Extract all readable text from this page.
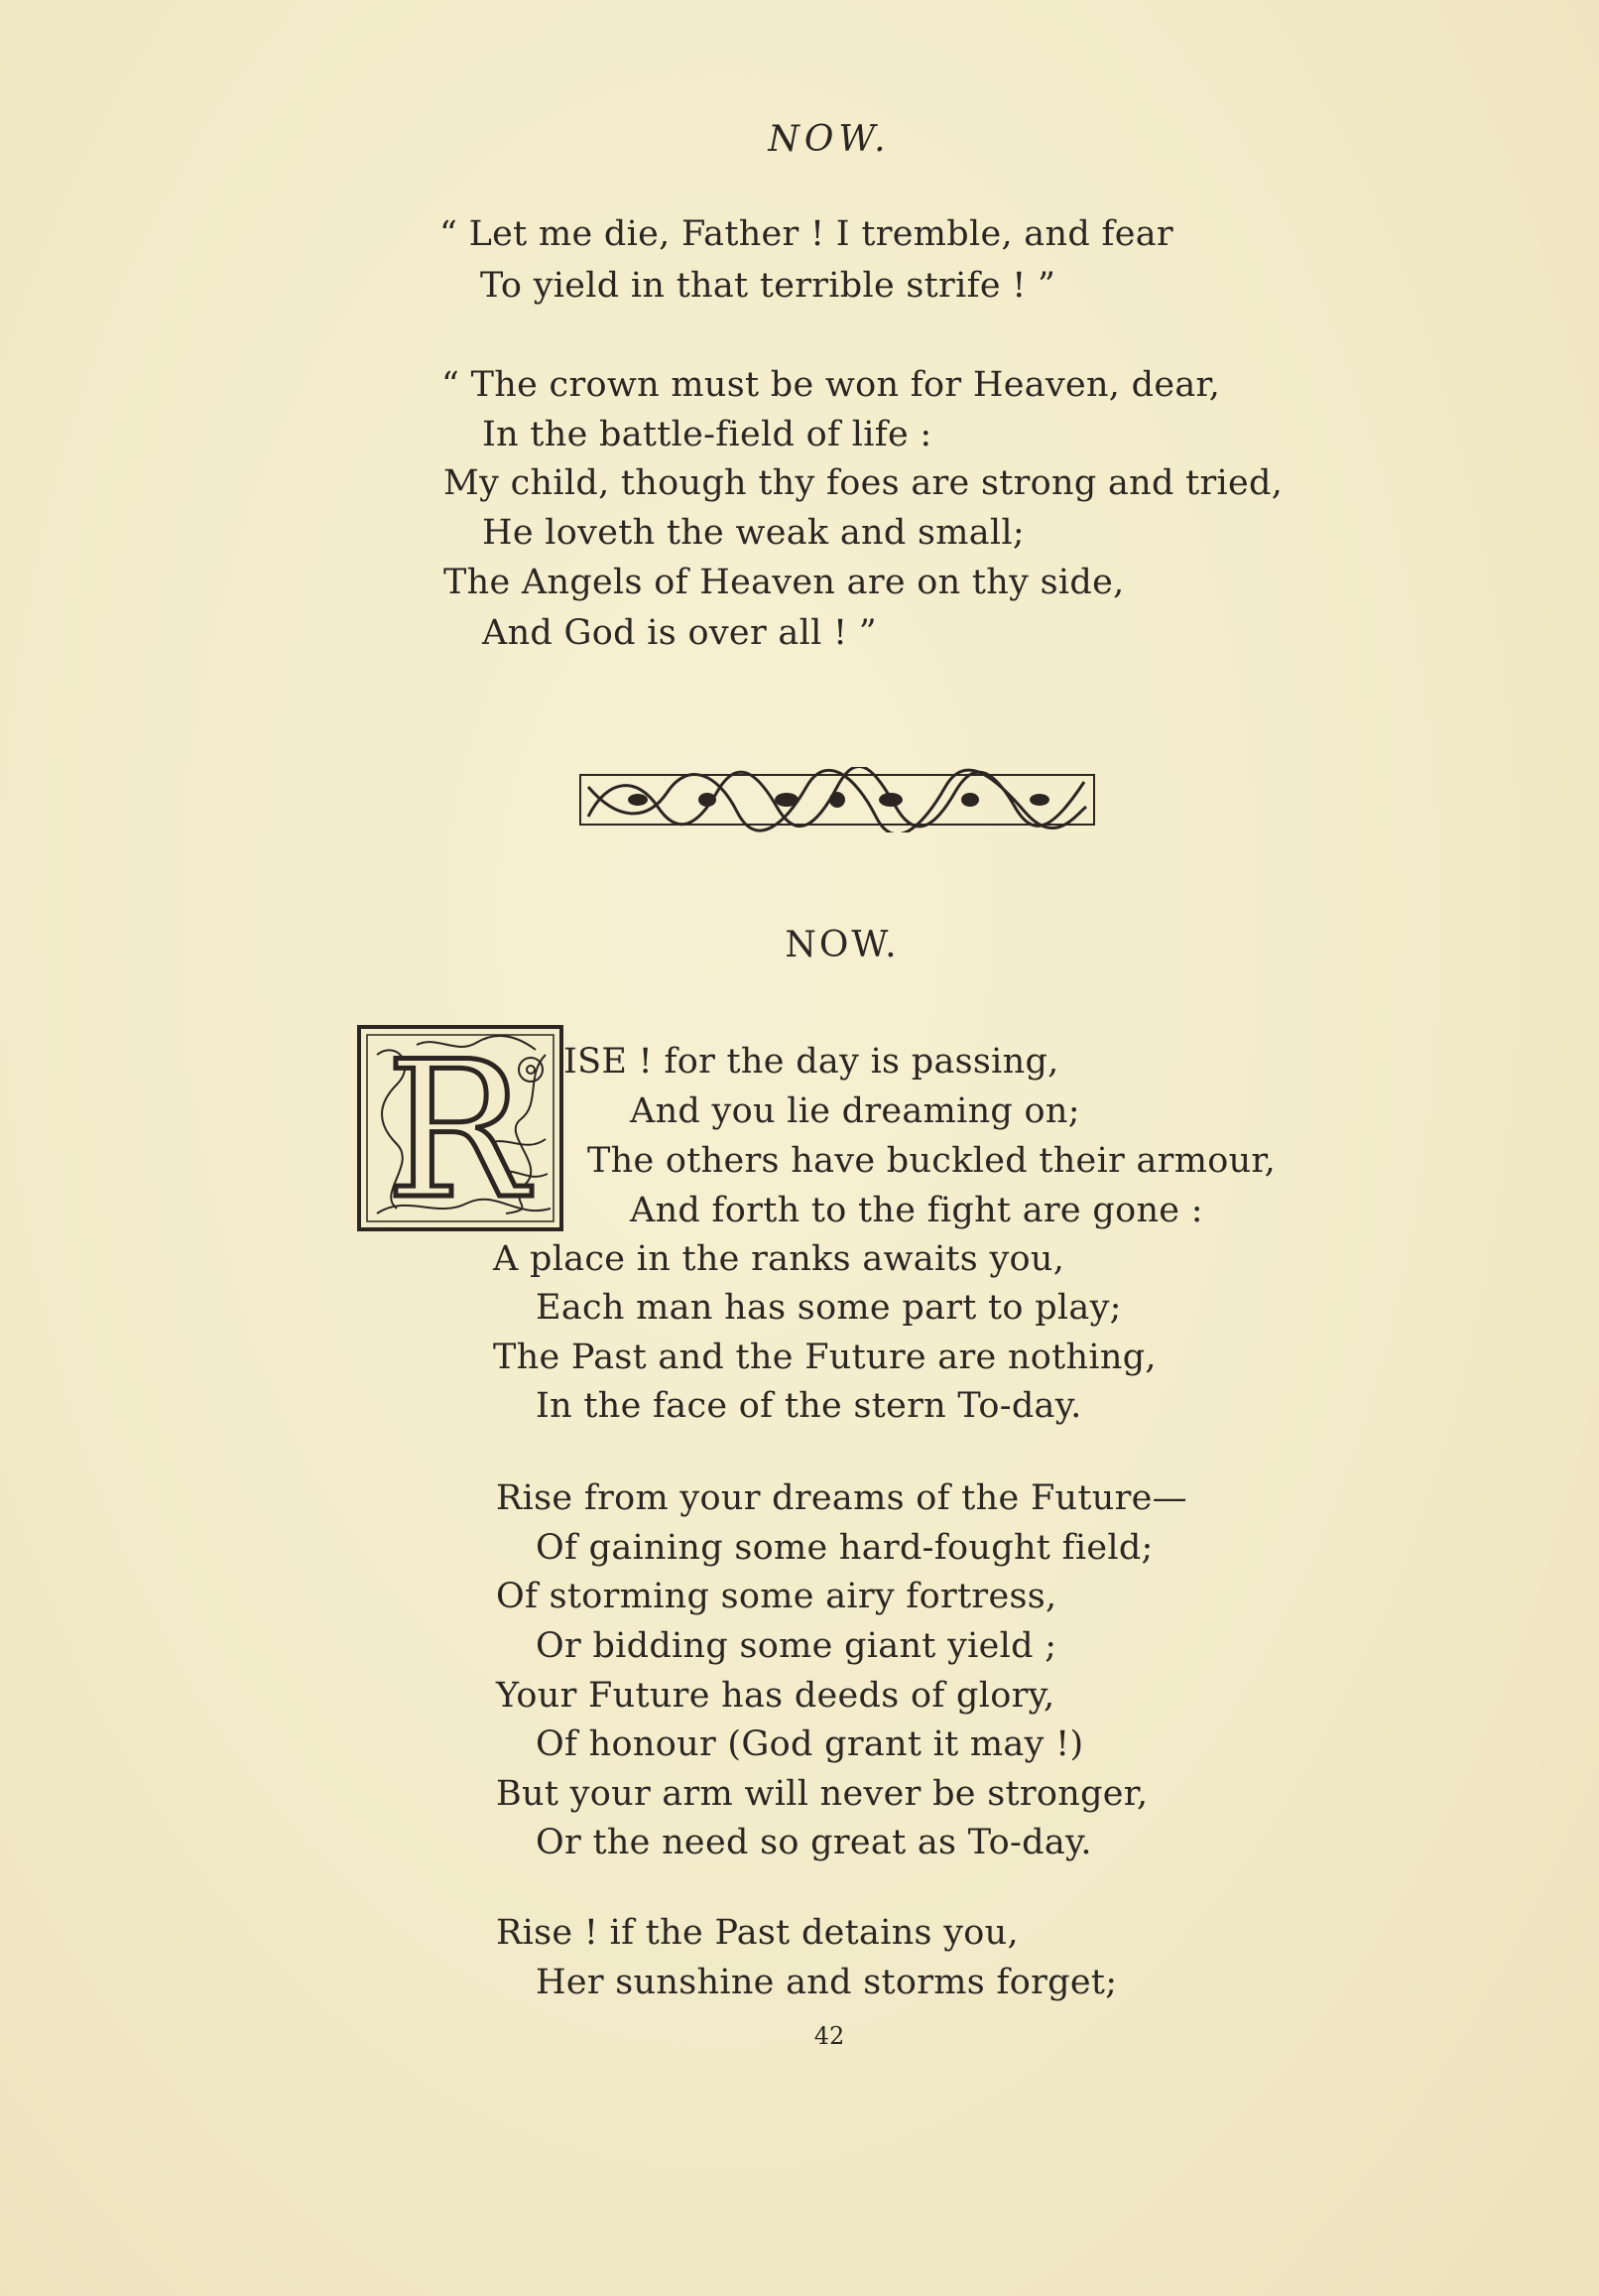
NOW.
“ Let me die, Father ! I tremble, and fear
To yield in that terrible strife ! ”
“ The crown must be won for Heaven, dear,
In the battle-field of life :
My child, though thy foes are strong and tried,
He loveth the weak and small;
The Angels of Heaven are on thy side,
And God is over all ! ”
NOW.
R ISE ! for the day is passing,
And you lie dreaming on;
The others have buckled their armour,
And forth to the fight are gone :
A place in the ranks awaits you,
Each man has some part to play;
The Past and the Future are nothing,
In the face of the stern To-day.
Rise from your dreams of the Future—
Of gaining some hard-fought field;
Of storming some airy fortress,
Or bidding some giant yield ;
Your Future has deeds of glory,
Of honour (God grant it may !)
But your arm will never be stronger,
Or the need so great as To-day.
Rise ! if the Past detains you,
Her sunshine and storms forget;
42
